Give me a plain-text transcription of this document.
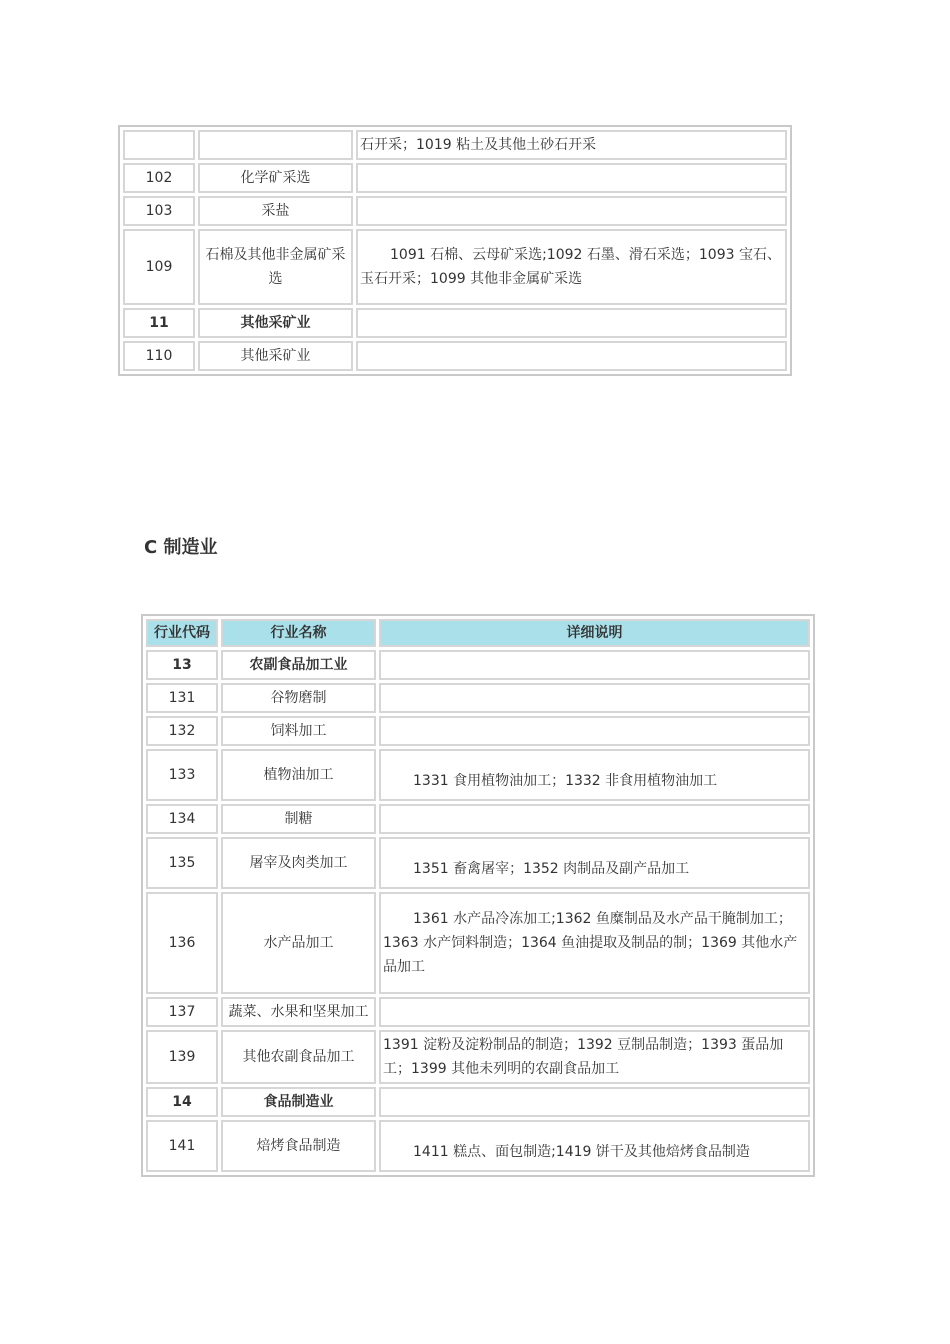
		石开采；1019 粘土及其他土砂石开采
102	化学矿采选	
103	采盐	
109	石棉及其他非金属矿采选	1091 石棉、云母矿采选;1092 石墨、滑石采选；1093 宝石、玉石开采；1099 其他非金属矿采选
11	其他采矿业	
110	其他采矿业	
C 制造业
行业代码	行业名称	详细说明
13	农副食品加工业	
131	谷物磨制	
132	饲料加工	
133	植物油加工	1331 食用植物油加工；1332 非食用植物油加工
134	制糖	
135	屠宰及肉类加工	1351 畜禽屠宰；1352 肉制品及副产品加工
136	水产品加工	1361 水产品冷冻加工;1362 鱼糜制品及水产品干腌制加工；1363 水产饲料制造；1364 鱼油提取及制品的制；1369 其他水产品加工
137	蔬菜、水果和坚果加工	
139	其他农副食品加工	1391 淀粉及淀粉制品的制造；1392 豆制品制造；1393 蛋品加工；1399 其他未列明的农副食品加工
14	食品制造业	
141	焙烤食品制造	1411 糕点、面包制造;1419 饼干及其他焙烤食品制造
